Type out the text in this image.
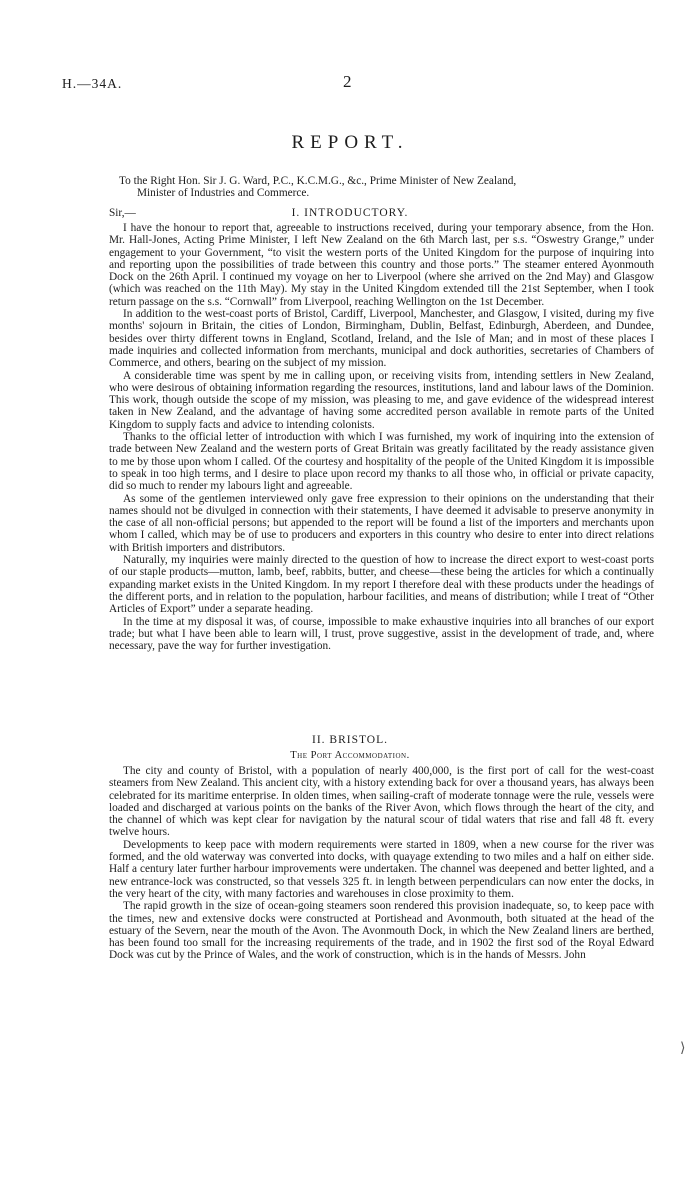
H.—34A.	2
REPORT.

To the Right Hon. Sir J. G. Ward, P.C., K.C.M.G., &c., Prime Minister of New Zealand,
Minister of Industries and Commerce.

Sir,—	I. INTRODUCTORY.

I have the honour to report that, agreeable to instructions received, during your temporary absence, from the Hon. Mr. Hall-Jones, Acting Prime Minister, I left New Zealand on the 6th March last, per s.s. “Oswestry Grange,” under engagement to your Government, “to visit the western ports of the United Kingdom for the purpose of inquiring into and reporting upon the possibilities of trade between this country and those ports.” The steamer entered Ayonmouth Dock on the 26th April. I continued my voyage on her to Liverpool (where she arrived on the 2nd May) and Glasgow (which was reached on the 11th May). My stay in the United Kingdom extended till the 21st September, when I took return passage on the s.s. “Cornwall” from Liverpool, reaching Wellington on the 1st December.

In addition to the west-coast ports of Bristol, Cardiff, Liverpool, Manchester, and Glasgow, I visited, during my five months' sojourn in Britain, the cities of London, Birmingham, Dublin, Belfast, Edinburgh, Aberdeen, and Dundee, besides over thirty different towns in England, Scotland, Ireland, and the Isle of Man; and in most of these places I made inquiries and collected information from merchants, municipal and dock authorities, secretaries of Chambers of Commerce, and others, bearing on the subject of my mission.

A considerable time was spent by me in calling upon, or receiving visits from, intending settlers in New Zealand, who were desirous of obtaining information regarding the resources, institutions, land and labour laws of the Dominion. This work, though outside the scope of my mission, was pleasing to me, and gave evidence of the widespread interest taken in New Zealand, and the advantage of having some accredited person available in remote parts of the United Kingdom to supply facts and advice to intending colonists.

Thanks to the official letter of introduction with which I was furnished, my work of inquiring into the extension of trade between New Zealand and the western ports of Great Britain was greatly facilitated by the ready assistance given to me by those upon whom I called. Of the courtesy and hospitality of the people of the United Kingdom it is impossible to speak in too high terms, and I desire to place upon record my thanks to all those who, in official or private capacity, did so much to render my labours light and agreeable.

As some of the gentlemen interviewed only gave free expression to their opinions on the understanding that their names should not be divulged in connection with their statements, I have deemed it advisable to preserve anonymity in the case of all non-official persons; but appended to the report will be found a list of the importers and merchants upon whom I called, which may be of use to producers and exporters in this country who desire to enter into direct relations with British importers and distributors.

Naturally, my inquiries were mainly directed to the question of how to increase the direct export to west-coast ports of our staple products—mutton, lamb, beef, rabbits, butter, and cheese—these being the articles for which a continually expanding market exists in the United Kingdom. In my report I therefore deal with these products under the headings of the different ports, and in relation to the population, harbour facilities, and means of distribution; while I treat of “Other Articles of Export” under a separate heading.

In the time at my disposal it was, of course, impossible to make exhaustive inquiries into all branches of our export trade; but what I have been able to learn will, I trust, prove suggestive, assist in the development of trade, and, where necessary, pave the way for further investigation.

II. BRISTOL.
The Port Accommodation.

The city and county of Bristol, with a population of nearly 400,000, is the first port of call for the west-coast steamers from New Zealand. This ancient city, with a history extending back for over a thousand years, has always been celebrated for its maritime enterprise. In olden times, when sailing-craft of moderate tonnage were the rule, vessels were loaded and discharged at various points on the banks of the River Avon, which flows through the heart of the city, and the channel of which was kept clear for navigation by the natural scour of tidal waters that rise and fall 48 ft. every twelve hours.

Developments to keep pace with modern requirements were started in 1809, when a new course for the river was formed, and the old waterway was converted into docks, with quayage extending to two miles and a half on either side. Half a century later further harbour improvements were undertaken. The channel was deepened and better lighted, and a new entrance-lock was constructed, so that vessels 325 ft. in length between perpendiculars can now enter the docks, in the very heart of the city, with many factories and warehouses in close proximity to them.

The rapid growth in the size of ocean-going steamers soon rendered this provision inadequate, so, to keep pace with the times, new and extensive docks were constructed at Portishead and Avonmouth, both situated at the head of the estuary of the Severn, near the mouth of the Avon. The Avonmouth Dock, in which the New Zealand liners are berthed, has been found too small for the increasing requirements of the trade, and in 1902 the first sod of the Royal Edward Dock was cut by the Prince of Wales, and the work of construction, which is in the hands of Messrs. John

⟩
